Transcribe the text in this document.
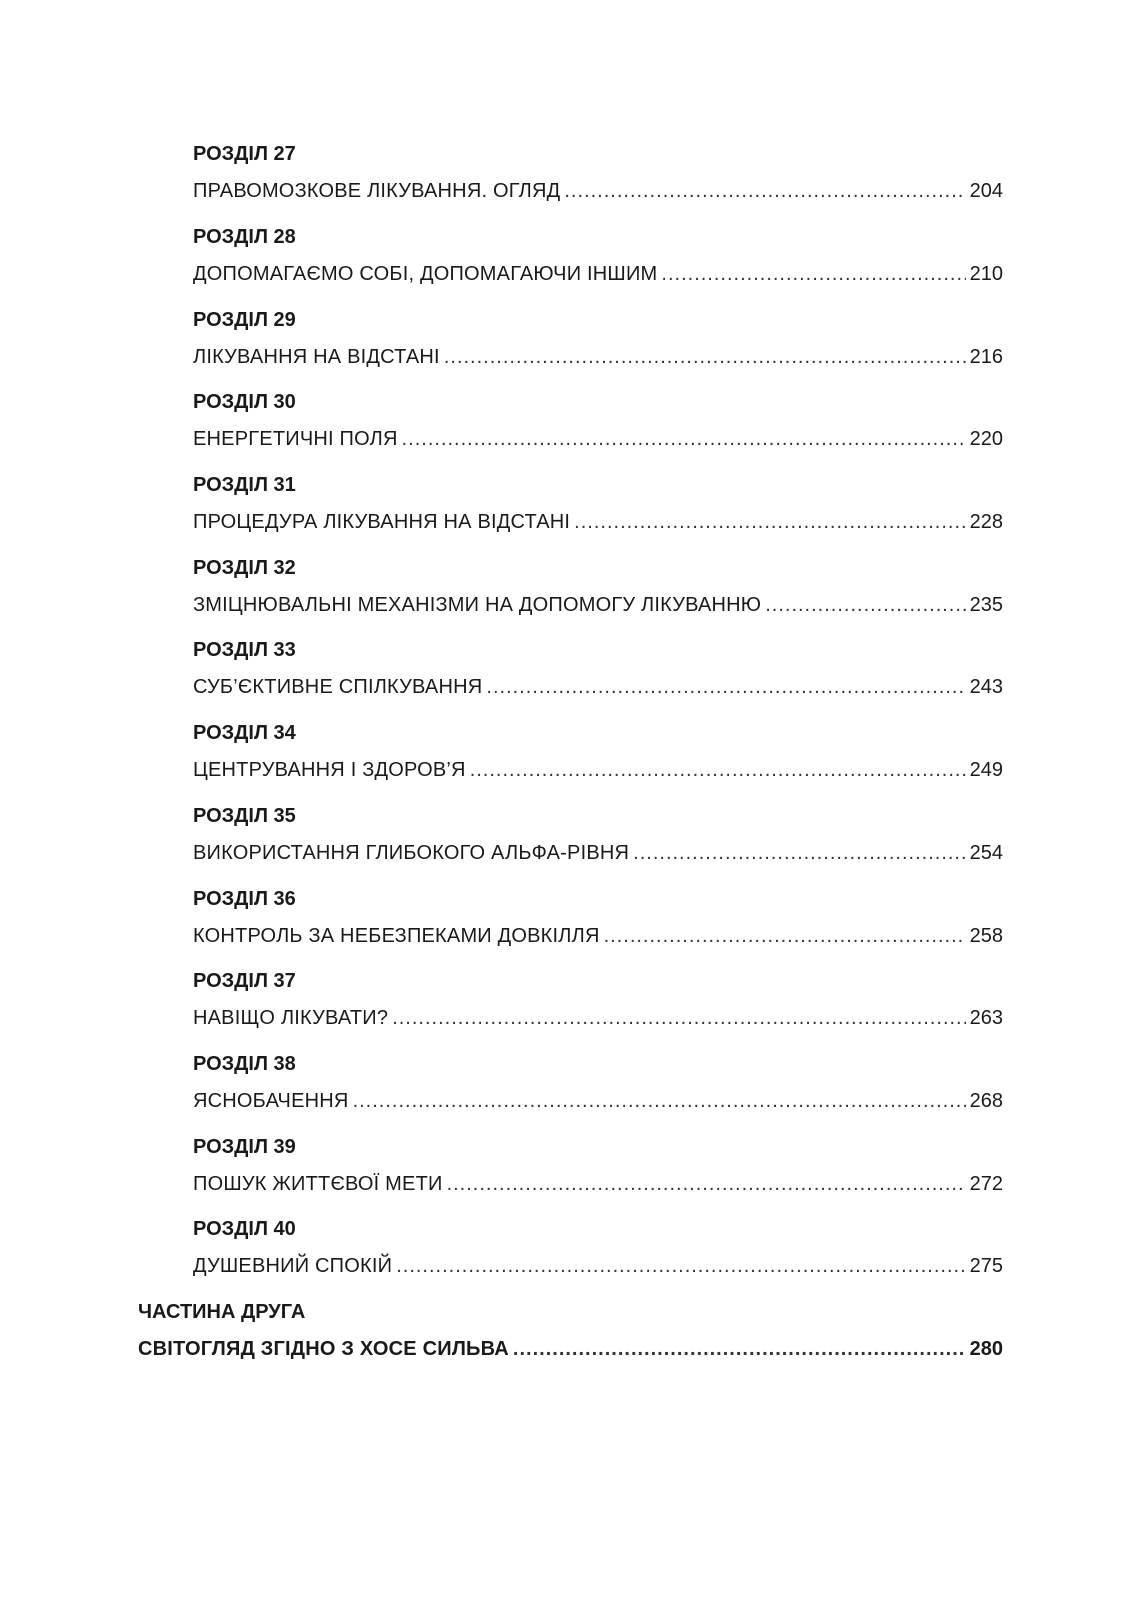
РОЗДІЛ 27
ПРАВОМОЗКОВЕ ЛІКУВАННЯ. ОГЛЯД .....	204
РОЗДІЛ 28
ДОПОМАГАЄМО СОБІ, ДОПОМАГАЮЧИ ІНШИМ .....	210
РОЗДІЛ 29
ЛІКУВАННЯ НА ВІДСТАНІ .....	216
РОЗДІЛ 30
ЕНЕРГЕТИЧНІ ПОЛЯ .....	220
РОЗДІЛ 31
ПРОЦЕДУРА ЛІКУВАННЯ НА ВІДСТАНІ .....	228
РОЗДІЛ 32
ЗМІЦНЮВАЛЬНІ МЕХАНІЗМИ НА ДОПОМОГУ ЛІКУВАННЮ .....	235
РОЗДІЛ 33
СУБ’ЄКТИВНЕ СПІЛКУВАННЯ .....	243
РОЗДІЛ 34
ЦЕНТРУВАННЯ І ЗДОРОВ’Я .....	249
РОЗДІЛ 35
ВИКОРИСТАННЯ ГЛИБОКОГО АЛЬФА-РІВНЯ .....	254
РОЗДІЛ 36
КОНТРОЛЬ ЗА НЕБЕЗПЕКАМИ ДОВКІЛЛЯ .....	258
РОЗДІЛ 37
НАВІЩО ЛІКУВАТИ? .....	263
РОЗДІЛ 38
ЯСНОБАЧЕННЯ .....	268
РОЗДІЛ 39
ПОШУК ЖИТТЄВОЇ МЕТИ .....	272
РОЗДІЛ 40
ДУШЕВНИЙ СПОКІЙ .....	275
ЧАСТИНА ДРУГА
СВІТОГЛЯД ЗГІДНО З ХОСЕ СИЛЬВА .....	280
